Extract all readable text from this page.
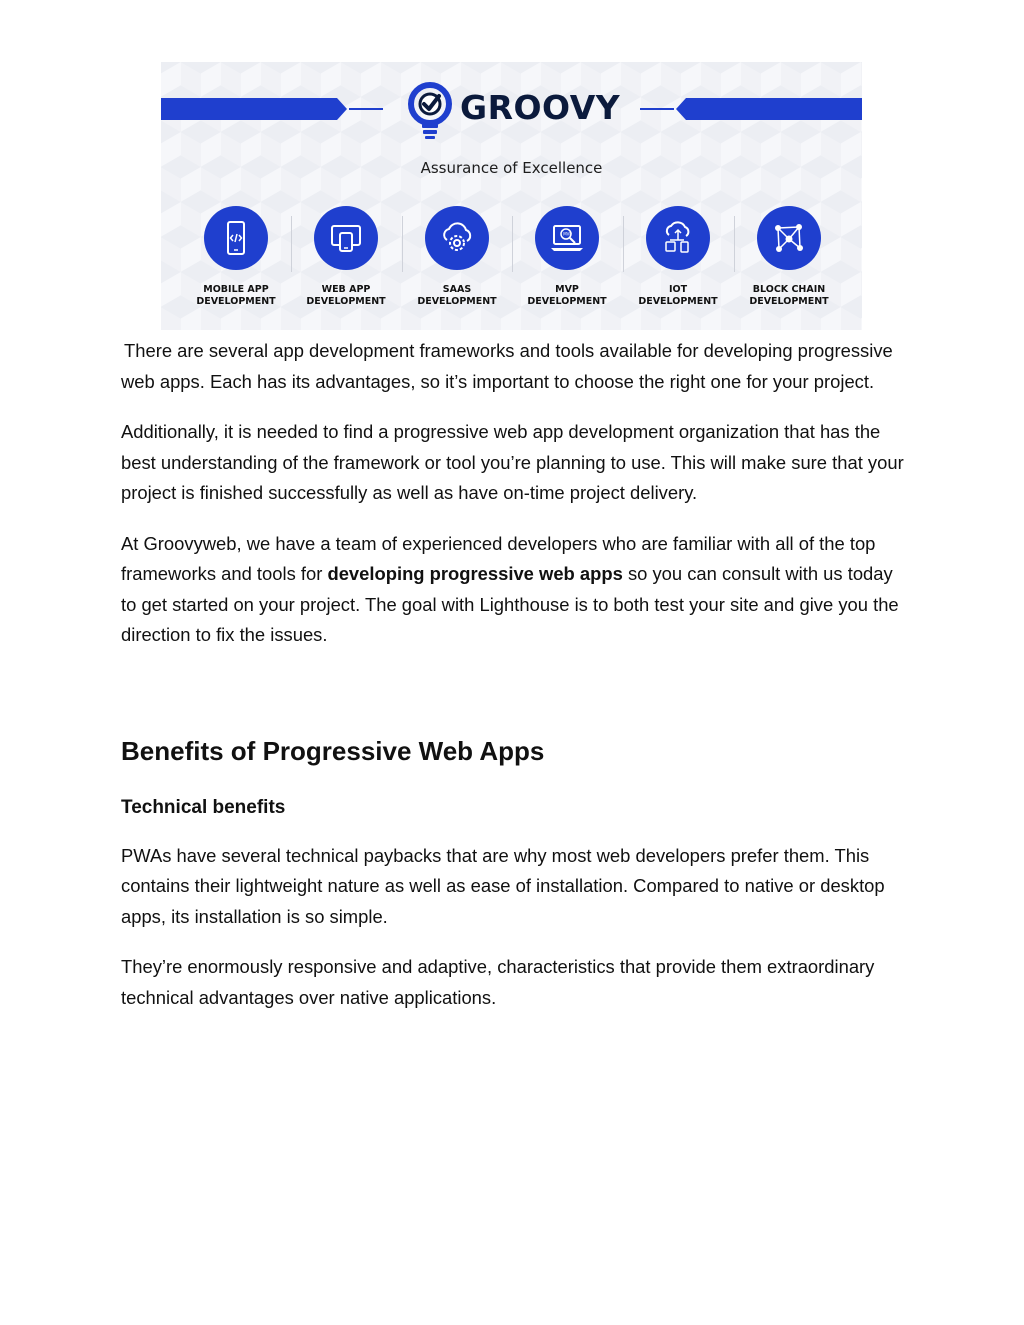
GROOVY
Assurance of Excellence
MOBILE APP
DEVELOPMENT
WEB APP
DEVELOPMENT
SAAS
DEVELOPMENT
MVP
MVP
DEVELOPMENT
IOT
DEVELOPMENT
BLOCK CHAIN
DEVELOPMENT

There are several app development frameworks and tools available for developing progressive web apps. Each has its advantages, so it’s important to choose the right one for your project.

Additionally, it is needed to find a progressive web app development organization that has the best understanding of the framework or tool you’re planning to use. This will make sure that your project is finished successfully as well as have on-time project delivery.

At Groovyweb, we have a team of experienced developers who are familiar with all of the top frameworks and tools for developing progressive web apps so you can consult with us today to get started on your project. The goal with Lighthouse is to both test your site and give you the direction to fix the issues.

Benefits of Progressive Web Apps
Technical benefits

PWAs have several technical paybacks that are why most web developers prefer them. This contains their lightweight nature as well as ease of installation. Compared to native or desktop apps, its installation is so simple.

They’re enormously responsive and adaptive, characteristics that provide them extraordinary technical advantages over native applications.
